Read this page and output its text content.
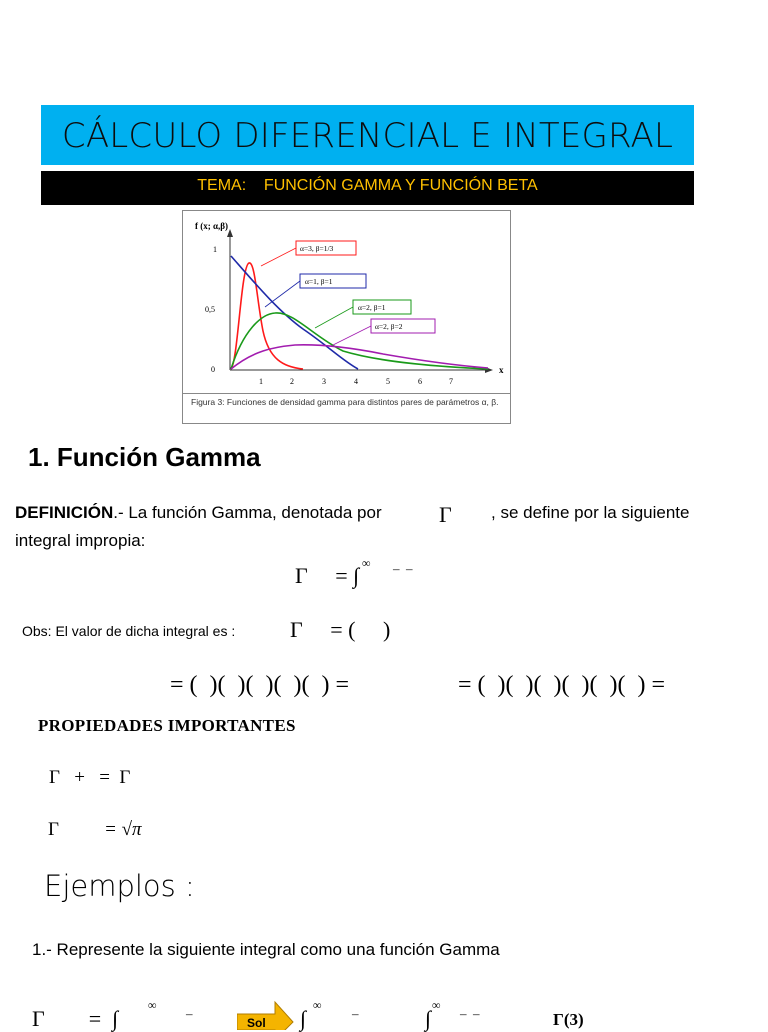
CÁLCULO DIFERENCIAL E INTEGRAL
TEMA:    FUNCIÓN GAMMA Y FUNCIÓN BETA
f (x; α,β)
x
1
0,5
0
1	2	3	4	5	6	7
α=3, β=1/3
α=1, β=1
α=2, β=1
α=2, β=2
Figura 3: Funciones de densidad gamma para distintos pares de parámetros α, β.
1. Función Gamma
DEFINICIÓN.- La función Gamma, denotada por	Γ , se define por la siguiente
integral impropia:
Γ     = ∫ ∞ –  –
Obs: El valor de dicha integral es : Γ     = (     )
= (  )(  )(  )(  )(  ) =	= (  )(  )(  )(  )(  )(  ) =
PROPIEDADES IMPORTANTES
Γ   +   =  Γ
Γ = √π
Ejemplos :
1.- Represente la siguiente integral como una función Gamma
Γ        =  ∫	–
∞
Sol ∫
∞
–	∫
∞
–  –	Γ(3)
